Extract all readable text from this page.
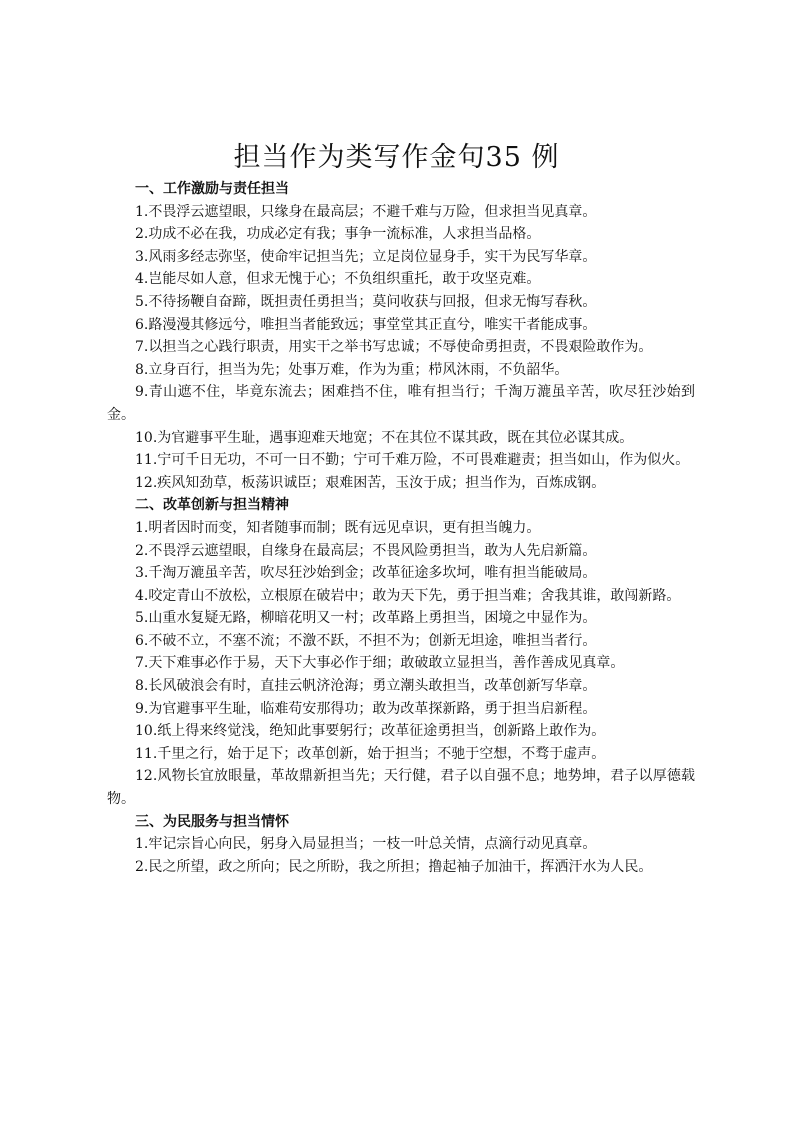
担当作为类写作金句35 例
一、工作激励与责任担当
1.不畏浮云遮望眼，只缘身在最高层；不避千难与万险，但求担当见真章。
2.功成不必在我，功成必定有我；事争一流标准，人求担当品格。
3.风雨多经志弥坚，使命牢记担当先；立足岗位显身手，实干为民写华章。
4.岂能尽如人意，但求无愧于心；不负组织重托，敢于攻坚克难。
5.不待扬鞭自奋蹄，既担责任勇担当；莫问收获与回报，但求无悔写春秋。
6.路漫漫其修远兮，唯担当者能致远；事堂堂其正直兮，唯实干者能成事。
7.以担当之心践行职责，用实干之举书写忠诚；不辱使命勇担责，不畏艰险敢作为。
8.立身百行，担当为先；处事万难，作为为重；栉风沐雨，不负韶华。
9.青山遮不住，毕竟东流去；困难挡不住，唯有担当行；千淘万漉虽辛苦，吹尽狂沙始到金。
10.为官避事平生耻，遇事迎难天地宽；不在其位不谋其政，既在其位必谋其成。
11.宁可千日无功，不可一日不勤；宁可千难万险，不可畏难避责；担当如山，作为似火。
12.疾风知劲草，板荡识诚臣；艰难困苦，玉汝于成；担当作为，百炼成钢。
二、改革创新与担当精神
1.明者因时而变，知者随事而制；既有远见卓识，更有担当魄力。
2.不畏浮云遮望眼，自缘身在最高层；不畏风险勇担当，敢为人先启新篇。
3.千淘万漉虽辛苦，吹尽狂沙始到金；改革征途多坎坷，唯有担当能破局。
4.咬定青山不放松，立根原在破岩中；敢为天下先，勇于担当难；舍我其谁，敢闯新路。
5.山重水复疑无路，柳暗花明又一村；改革路上勇担当，困境之中显作为。
6.不破不立，不塞不流；不激不跃，不担不为；创新无坦途，唯担当者行。
7.天下难事必作于易，天下大事必作于细；敢破敢立显担当，善作善成见真章。
8.长风破浪会有时，直挂云帆济沧海；勇立潮头敢担当，改革创新写华章。
9.为官避事平生耻，临难苟安那得功；敢为改革探新路，勇于担当启新程。
10.纸上得来终觉浅，绝知此事要躬行；改革征途勇担当，创新路上敢作为。
11.千里之行，始于足下；改革创新，始于担当；不驰于空想，不骛于虚声。
12.风物长宜放眼量，革故鼎新担当先；天行健，君子以自强不息；地势坤，君子以厚德载物。
三、为民服务与担当情怀
1.牢记宗旨心向民，躬身入局显担当；一枝一叶总关情，点滴行动见真章。
2.民之所望，政之所向；民之所盼，我之所担；撸起袖子加油干，挥洒汗水为人民。
